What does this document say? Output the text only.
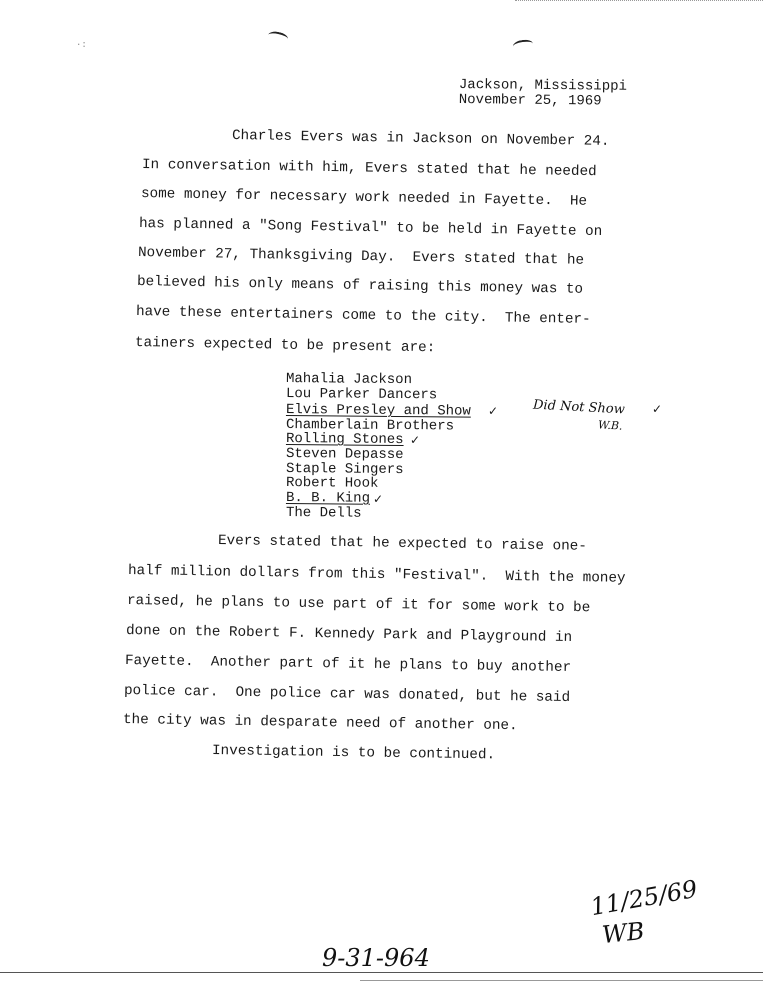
·:
Jackson, Mississippi
November 25, 1969
Charles Evers was in Jackson on November 24.
In conversation with him, Evers stated that he needed
some money for necessary work needed in Fayette.  He
has planned a "Song Festival" to be held in Fayette on
November 27, Thanksgiving Day.  Evers stated that he
believed his only means of raising this money was to
have these entertainers come to the city.  The enter-
tainers expected to be present are:
Mahalia Jackson
Lou Parker Dancers
Elvis Presley and Show
Chamberlain Brothers
Rolling Stones
Steven Depasse
Staple Singers
Robert Hook
B. B. King
The Dells
✓
✓
✓
Did Not Show ✓
W.B.
Evers stated that he expected to raise one-
half million dollars from this "Festival".  With the money
raised, he plans to use part of it for some work to be
done on the Robert F. Kennedy Park and Playground in
Fayette.  Another part of it he plans to buy another
police car.  One police car was donated, but he said
the city was in desparate need of another one.
Investigation is to be continued.
11/25/69
WB
9-31-964
